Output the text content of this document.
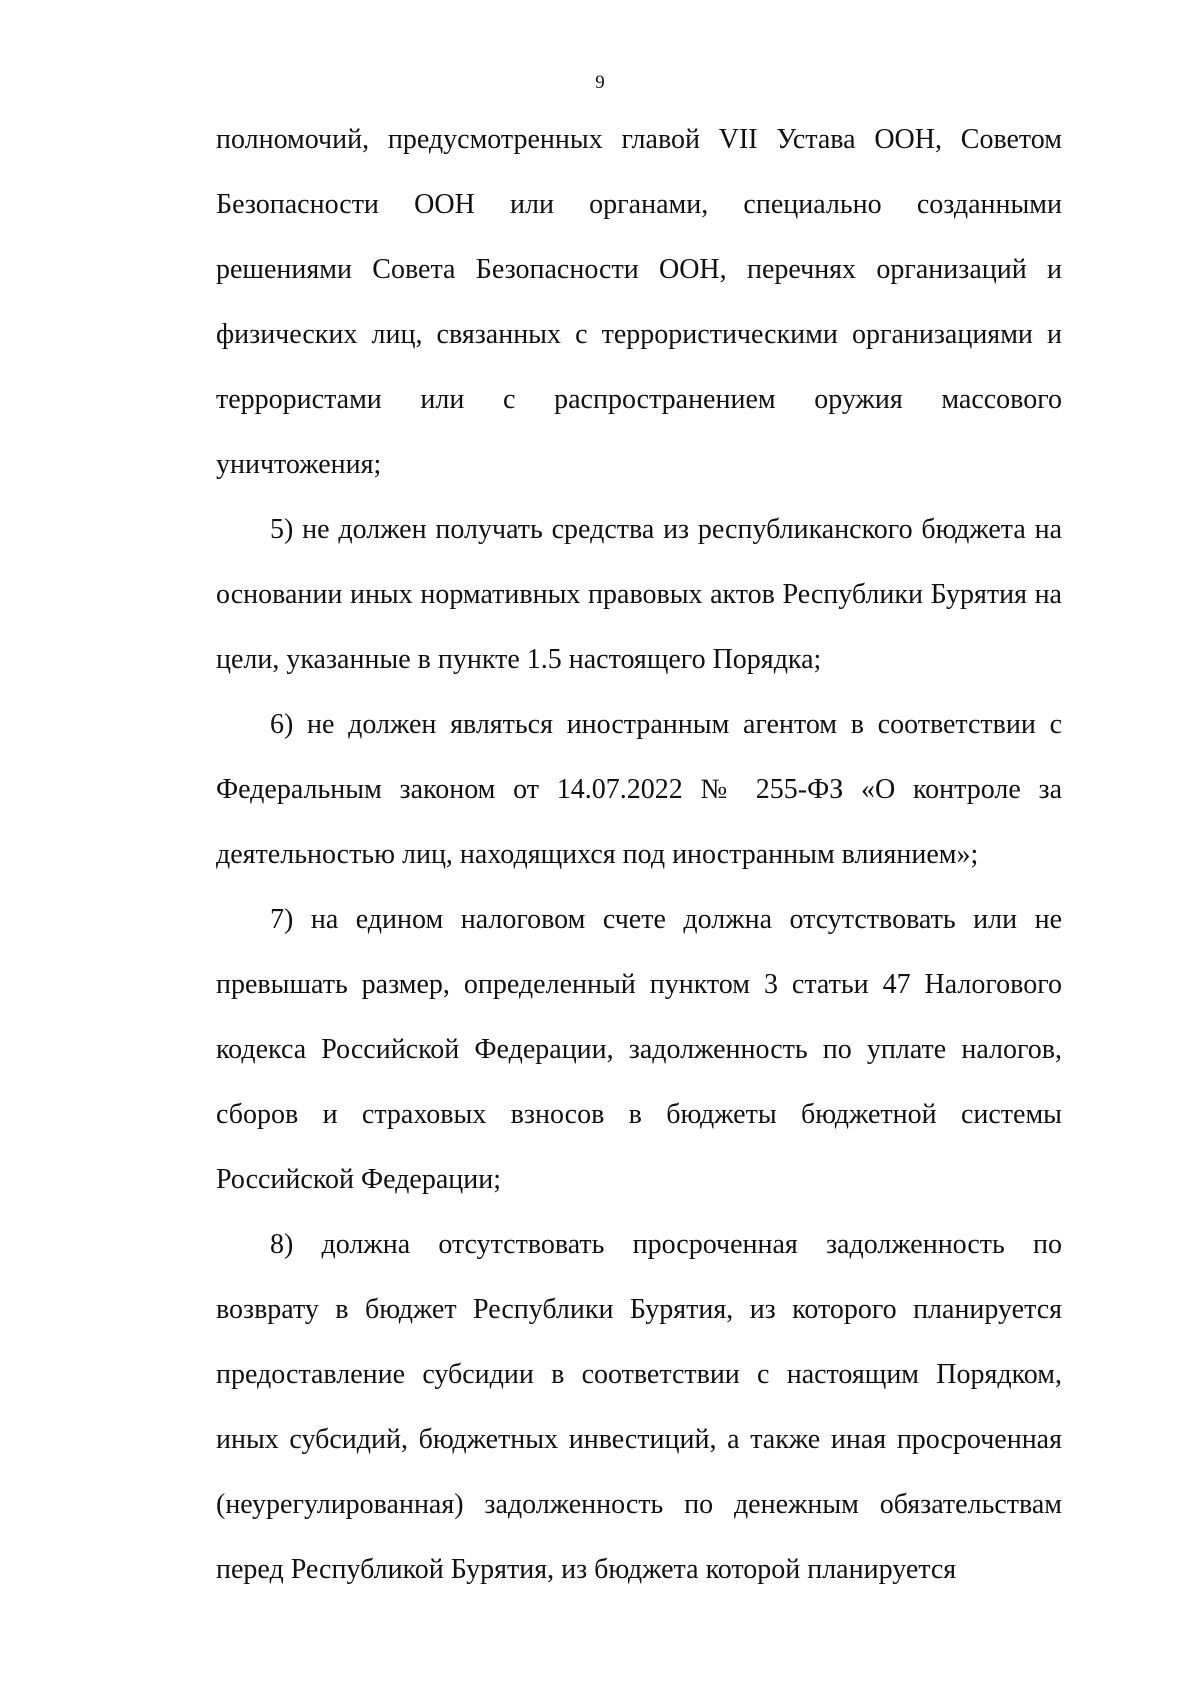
9

полномочий, предусмотренных главой VII Устава ООН, Советом Безопасности ООН или органами, специально созданными решениями Совета Безопасности ООН, перечнях организаций и физических лиц, связанных с террористическими организациями и террористами или с распространением оружия массового уничтожения;

5) не должен получать средства из республиканского бюджета на основании иных нормативных правовых актов Республики Бурятия на цели, указанные в пункте 1.5 настоящего Порядка;

6) не должен являться иностранным агентом в соответствии с Федеральным законом от 14.07.2022 № 255-ФЗ «О контроле за деятельностью лиц, находящихся под иностранным влиянием»;

7) на едином налоговом счете должна отсутствовать или не превышать размер, определенный пунктом 3 статьи 47 Налогового кодекса Российской Федерации, задолженность по уплате налогов, сборов и страховых взносов в бюджеты бюджетной системы Российской Федерации;

8) должна отсутствовать просроченная задолженность по возврату в бюджет Республики Бурятия, из которого планируется предоставление субсидии в соответствии с настоящим Порядком, иных субсидий, бюджетных инвестиций, а также иная просроченная (неурегулированная) задолженность по денежным обязательствам перед Республикой Бурятия, из бюджета которой планируется
